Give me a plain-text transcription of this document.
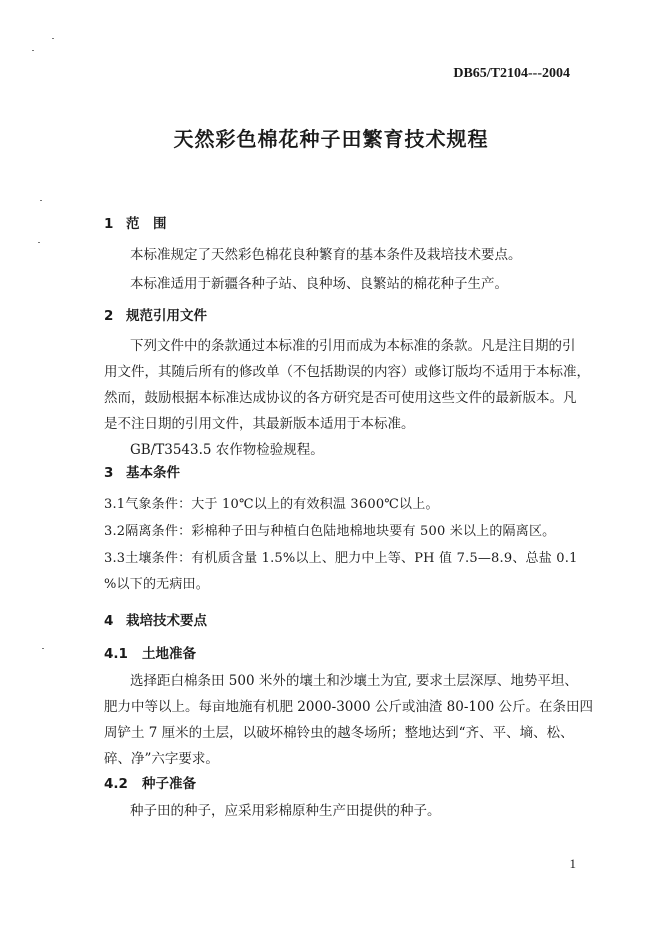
DB65/T2104---2004
天然彩色棉花种子田繁育技术规程
1 范　围
本标准规定了天然彩色棉花良种繁育的基本条件及栽培技术要点。
本标准适用于新疆各种子站、良种场、良繁站的棉花种子生产。
2 规范引用文件
下列文件中的条款通过本标准的引用而成为本标准的条款。凡是注目期的引
用文件，其随后所有的修改单（不包括勘误的内容）或修订版均不适用于本标准，
然而，鼓励根据本标准达成协议的各方研究是否可使用这些文件的最新版本。凡
是不注日期的引用文件，其最新版本适用于本标准。
GB/T3543.5 农作物检验规程。
3 基本条件
3.1气象条件：大于 10℃以上的有效积温 3600℃以上。
3.2隔离条件：彩棉种子田与种植白色陆地棉地块要有 500 米以上的隔离区。
3.3土壤条件：有机质含量 1.5%以上、肥力中上等、PH 值 7.5—8.9、总盐 0.1
%以下的无病田。
4 栽培技术要点
4.1 土地准备
选择距白棉条田 500 米外的壤土和沙壤土为宜, 要求土层深厚、地势平坦、
肥力中等以上。每亩地施有机肥 2000-3000 公斤或油渣 80-100 公斤。在条田四
周铲土 7 厘米的土层，以破坏棉铃虫的越冬场所；整地达到“齐、平、墒、松、
碎、净”六字要求。
4.2 种子准备
种子田的种子，应采用彩棉原种生产田提供的种子。
1
